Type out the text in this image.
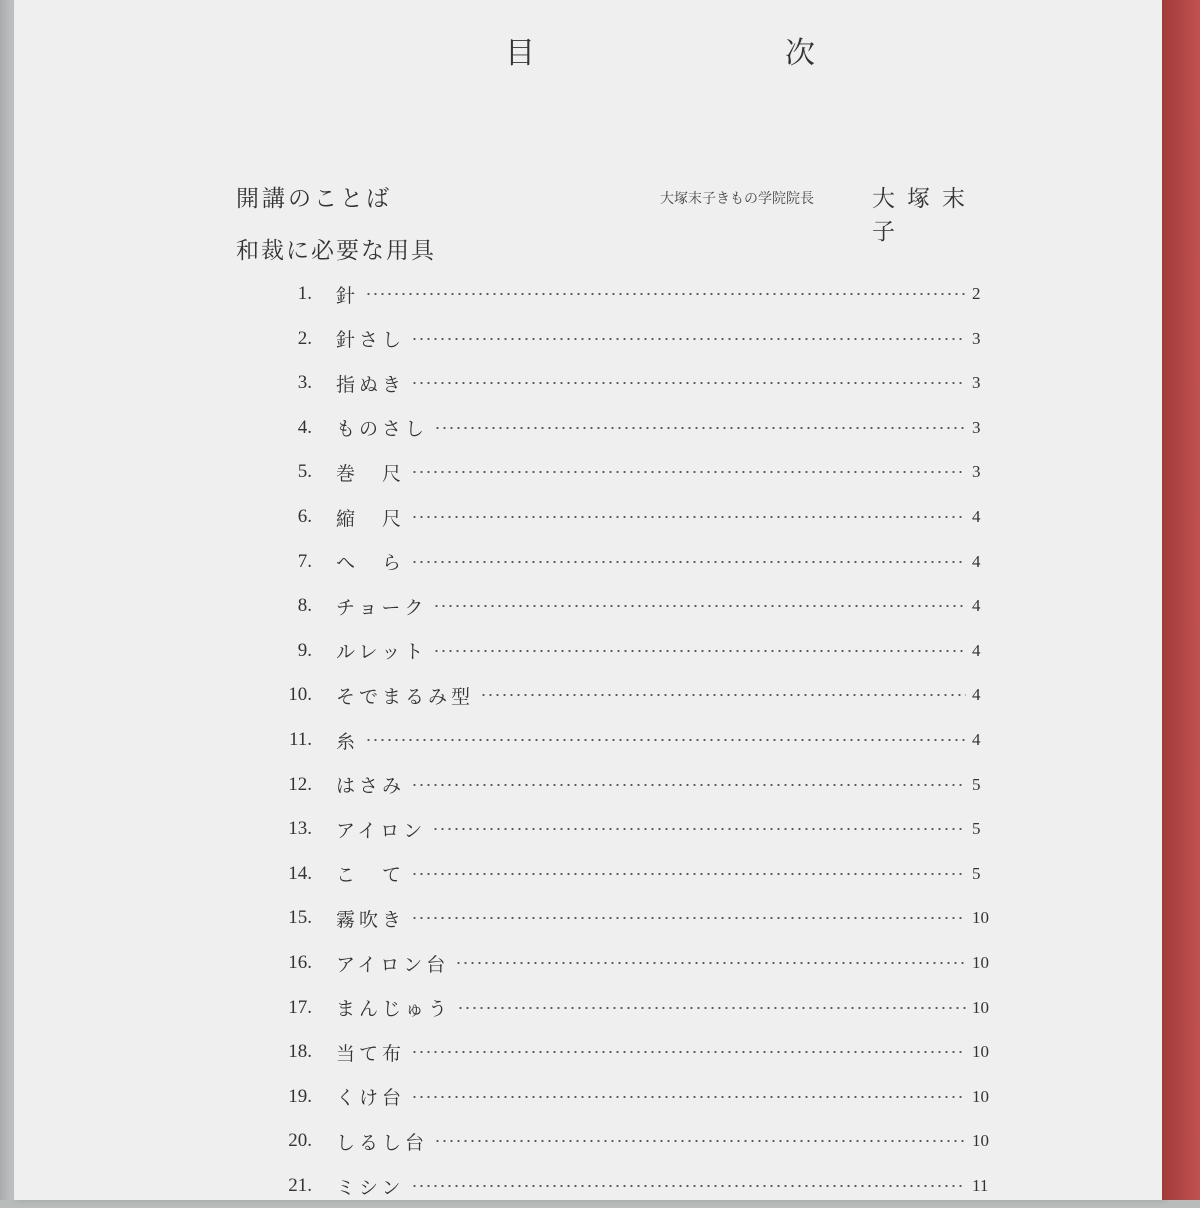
目　次
開講のことば	大塚末子きもの学院院長	大塚末子
和裁に必要な用具
1. 針	2
2. 針さし	3
3. 指ぬき	3
4. ものさし	3
5. 巻　尺	3
6. 縮　尺	4
7. へ　ら	4
8. チョーク	4
9. ルレット	4
10. そでまるみ型	4
11. 糸	4
12. はさみ	5
13. アイロン	5
14. こ　て	5
15. 霧吹き	10
16. アイロン台	10
17. まんじゅう	10
18. 当て布	10
19. くけ台	10
20. しるし台	10
21. ミシン	11
